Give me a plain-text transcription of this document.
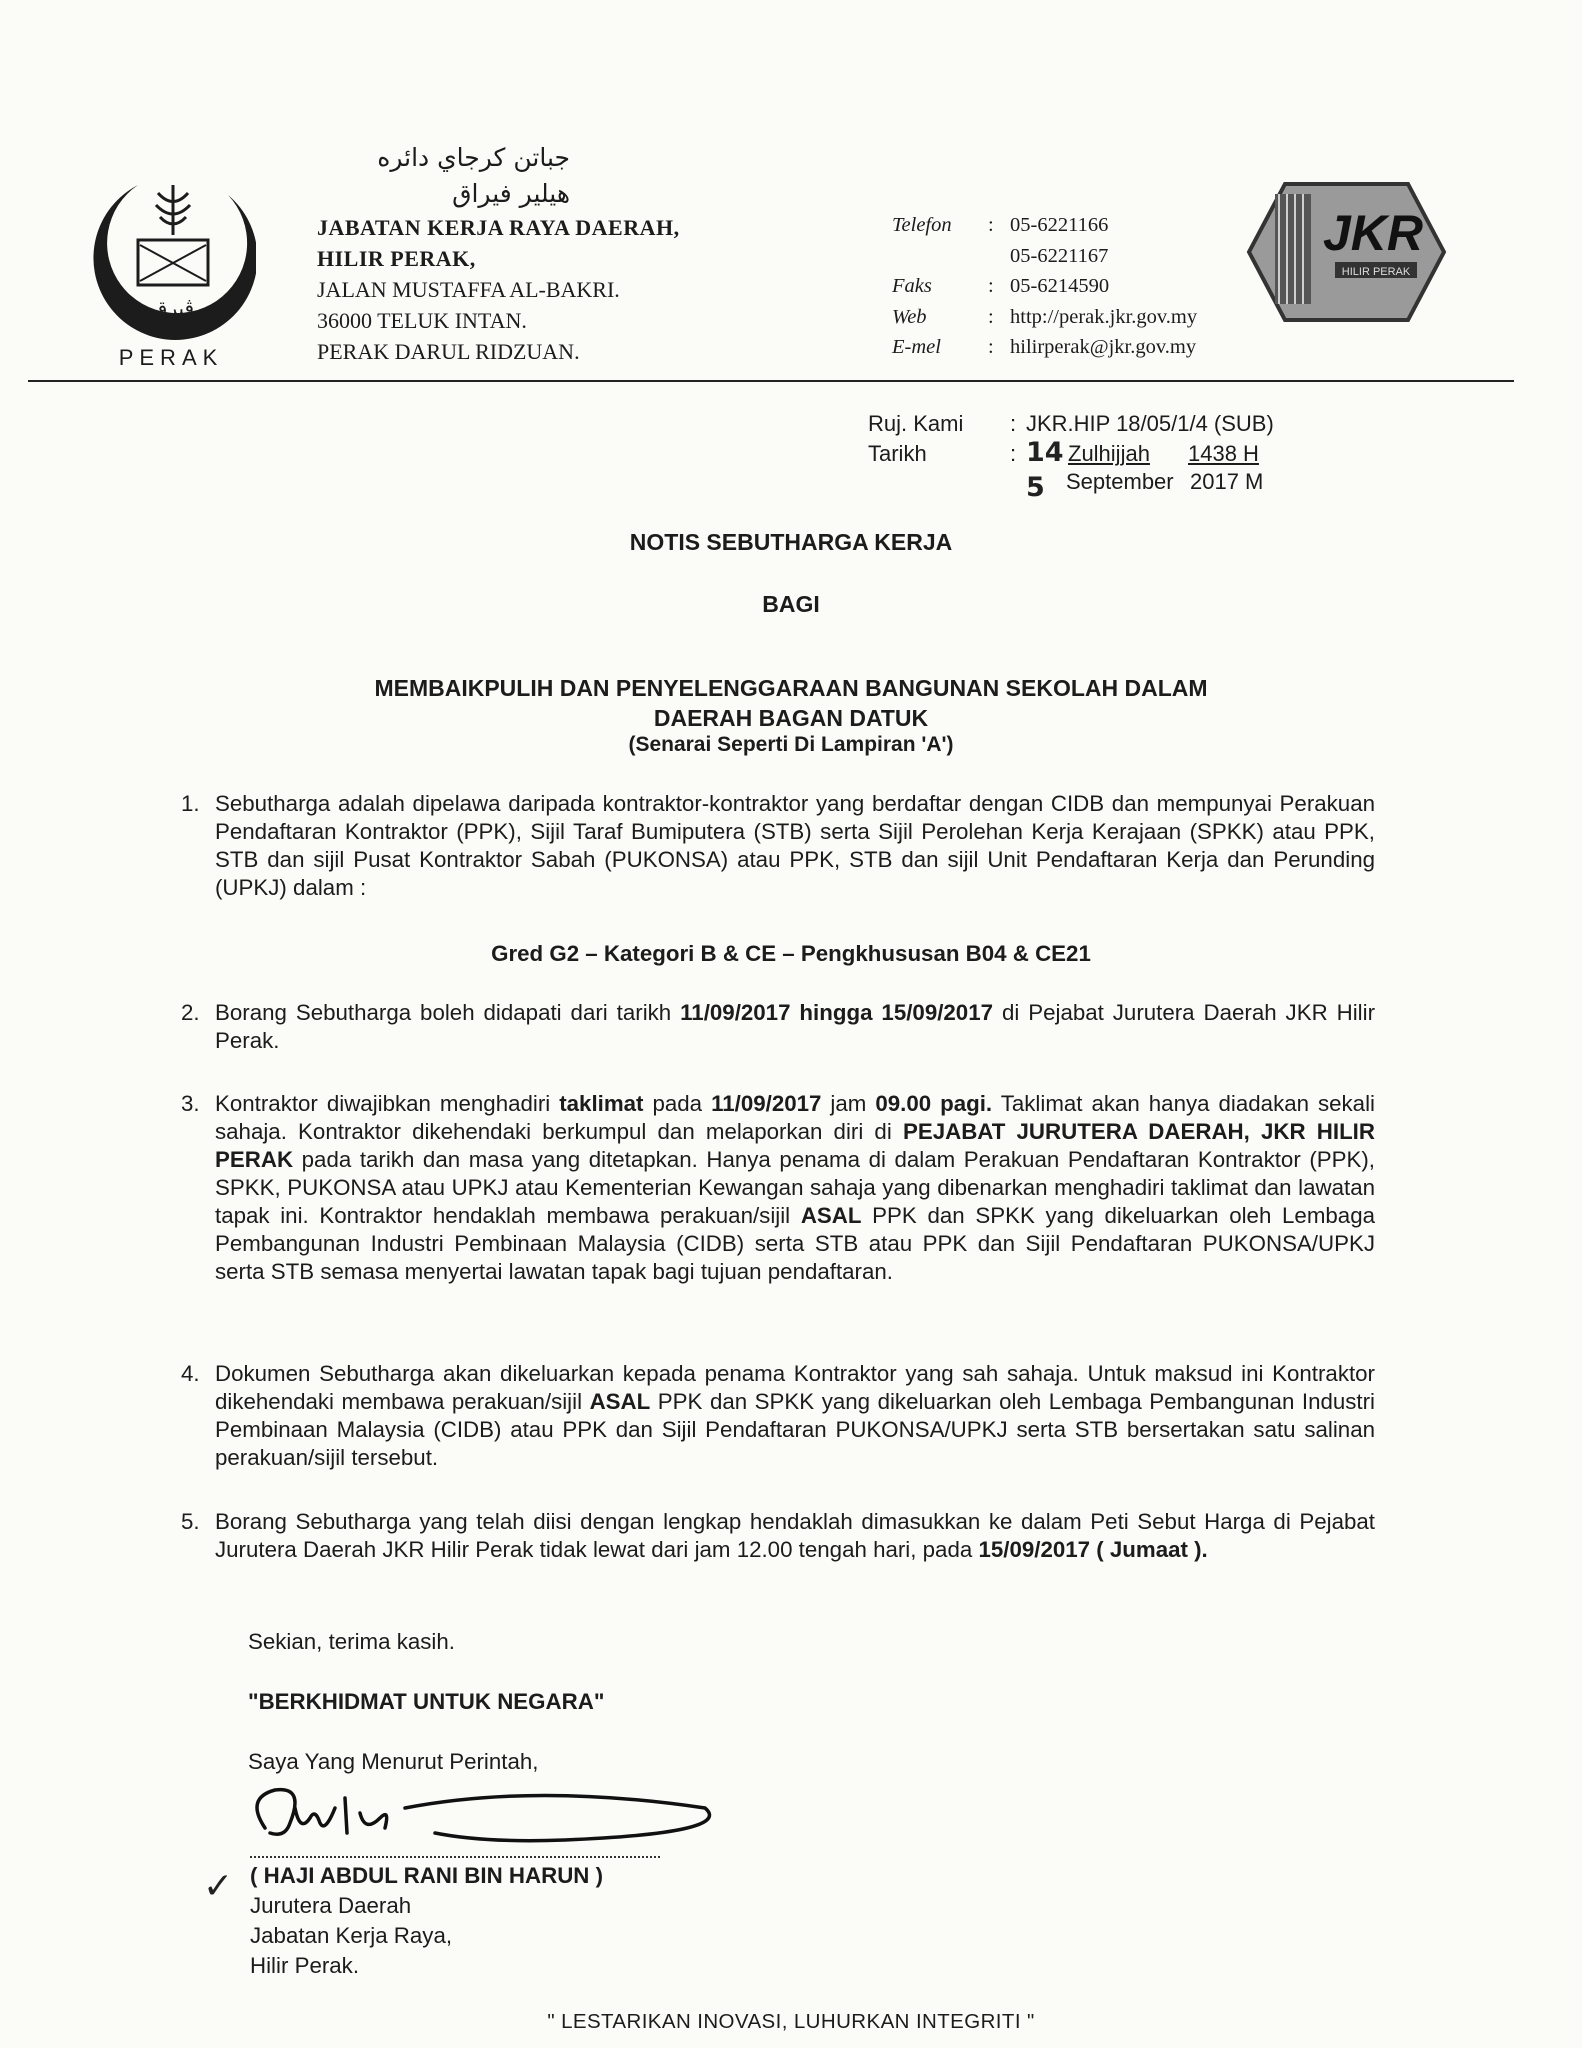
ڤيرق
PERAK
جباتن كرجاي دائره
هيلير فيراق
JABATAN KERJA RAYA DAERAH,
HILIR PERAK,
JALAN MUSTAFFA AL-BAKRI.
36000 TELUK INTAN.
PERAK DARUL RIDZUAN.
Telefon	: 05-6221166
05-6221167
Faks	: 05-6214590
Web	: http://perak.jkr.gov.my
E-mel	: hilirperak@jkr.gov.my
JKR
HILIR PERAK
Ruj. Kami	: JKR.HIP 18/05/1/4 (SUB)
Tarikh	: 14 Zulhijjah	1438 H
5 September 2017 M
NOTIS SEBUTHARGA KERJA
BAGI
MEMBAIKPULIH DAN PENYELENGGARAAN BANGUNAN SEKOLAH DALAM
DAERAH BAGAN DATUK
(Senarai Seperti Di Lampiran 'A')
1. Sebutharga adalah dipelawa daripada kontraktor-kontraktor yang berdaftar dengan CIDB dan mempunyai Perakuan Pendaftaran Kontraktor (PPK), Sijil Taraf Bumiputera (STB) serta Sijil Perolehan Kerja Kerajaan (SPKK) atau PPK, STB dan sijil Pusat Kontraktor Sabah (PUKONSA) atau PPK, STB dan sijil Unit Pendaftaran Kerja dan Perunding (UPKJ) dalam :
Gred G2 – Kategori B & CE – Pengkhususan B04 & CE21
2. Borang Sebutharga boleh didapati dari tarikh 11/09/2017 hingga 15/09/2017 di Pejabat Jurutera Daerah JKR Hilir Perak.
3. Kontraktor diwajibkan menghadiri taklimat pada 11/09/2017 jam 09.00 pagi. Taklimat akan hanya diadakan sekali sahaja. Kontraktor dikehendaki berkumpul dan melaporkan diri di PEJABAT JURUTERA DAERAH, JKR HILIR PERAK pada tarikh dan masa yang ditetapkan. Hanya penama di dalam Perakuan Pendaftaran Kontraktor (PPK), SPKK, PUKONSA atau UPKJ atau Kementerian Kewangan sahaja yang dibenarkan menghadiri taklimat dan lawatan tapak ini. Kontraktor hendaklah membawa perakuan/sijil ASAL PPK dan SPKK yang dikeluarkan oleh Lembaga Pembangunan Industri Pembinaan Malaysia (CIDB) serta STB atau PPK dan Sijil Pendaftaran PUKONSA/UPKJ serta STB semasa menyertai lawatan tapak bagi tujuan pendaftaran.
4. Dokumen Sebutharga akan dikeluarkan kepada penama Kontraktor yang sah sahaja. Untuk maksud ini Kontraktor dikehendaki membawa perakuan/sijil ASAL PPK dan SPKK yang dikeluarkan oleh Lembaga Pembangunan Industri Pembinaan Malaysia (CIDB) atau PPK dan Sijil Pendaftaran PUKONSA/UPKJ serta STB bersertakan satu salinan perakuan/sijil tersebut.
5. Borang Sebutharga yang telah diisi dengan lengkap hendaklah dimasukkan ke dalam Peti Sebut Harga di Pejabat Jurutera Daerah JKR Hilir Perak tidak lewat dari jam 12.00 tengah hari, pada 15/09/2017 ( Jumaat ).
Sekian, terima kasih.
"BERKHIDMAT UNTUK NEGARA"
Saya Yang Menurut Perintah,
✓ ( HAJI ABDUL RANI BIN HARUN )
Jurutera Daerah
Jabatan Kerja Raya,
Hilir Perak.
" LESTARIKAN INOVASI, LUHURKAN INTEGRITI "
